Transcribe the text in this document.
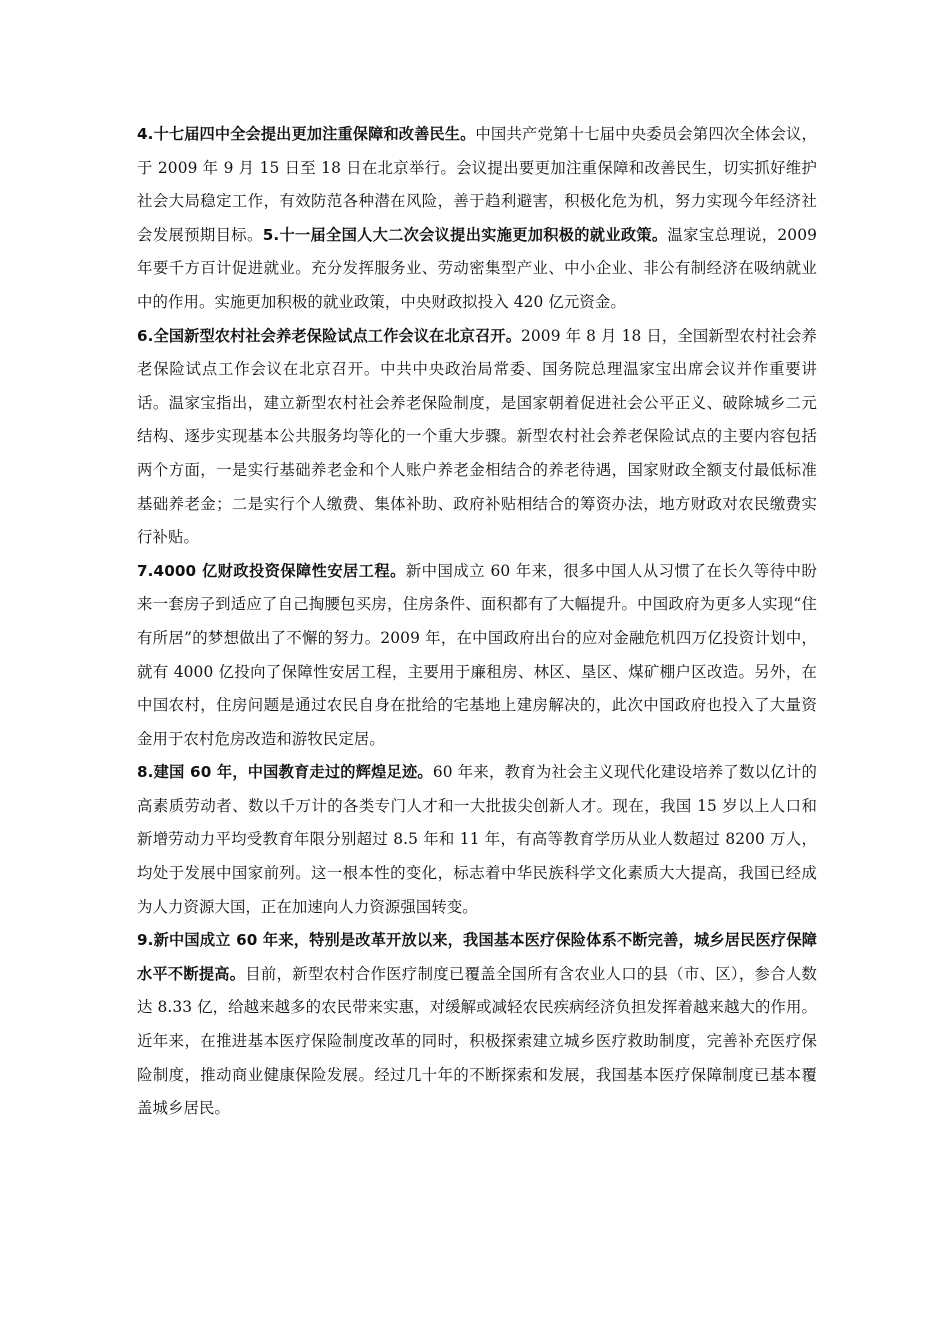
4.十七届四中全会提出更加注重保障和改善民生。中国共产党第十七届中央委员会第四次全体会议，于 2009 年 9 月 15 日至 18 日在北京举行。会议提出要更加注重保障和改善民生，切实抓好维护社会大局稳定工作，有效防范各种潜在风险，善于趋利避害，积极化危为机，努力实现今年经济社会发展预期目标。5.十一届全国人大二次会议提出实施更加积极的就业政策。温家宝总理说，2009 年要千方百计促进就业。充分发挥服务业、劳动密集型产业、中小企业、非公有制经济在吸纳就业中的作用。实施更加积极的就业政策，中央财政拟投入 420 亿元资金。

6.全国新型农村社会养老保险试点工作会议在北京召开。2009 年 8 月 18 日，全国新型农村社会养老保险试点工作会议在北京召开。中共中央政治局常委、国务院总理温家宝出席会议并作重要讲话。温家宝指出，建立新型农村社会养老保险制度，是国家朝着促进社会公平正义、破除城乡二元结构、逐步实现基本公共服务均等化的一个重大步骤。新型农村社会养老保险试点的主要内容包括两个方面，一是实行基础养老金和个人账户养老金相结合的养老待遇，国家财政全额支付最低标准基础养老金；二是实行个人缴费、集体补助、政府补贴相结合的筹资办法，地方财政对农民缴费实行补贴。

7.4000 亿财政投资保障性安居工程。新中国成立 60 年来，很多中国人从习惯了在长久等待中盼来一套房子到适应了自己掏腰包买房，住房条件、面积都有了大幅提升。中国政府为更多人实现“住有所居”的梦想做出了不懈的努力。2009 年，在中国政府出台的应对金融危机四万亿投资计划中，就有 4000 亿投向了保障性安居工程，主要用于廉租房、林区、垦区、煤矿棚户区改造。另外，在中国农村，住房问题是通过农民自身在批给的宅基地上建房解决的，此次中国政府也投入了大量资金用于农村危房改造和游牧民定居。

8.建国 60 年，中国教育走过的辉煌足迹。60 年来，教育为社会主义现代化建设培养了数以亿计的高素质劳动者、数以千万计的各类专门人才和一大批拔尖创新人才。现在，我国 15 岁以上人口和新增劳动力平均受教育年限分别超过 8.5 年和 11 年，有高等教育学历从业人数超过 8200 万人，均处于发展中国家前列。这一根本性的变化，标志着中华民族科学文化素质大大提高，我国已经成为人力资源大国，正在加速向人力资源强国转变。

9.新中国成立 60 年来，特别是改革开放以来，我国基本医疗保险体系不断完善，城乡居民医疗保障水平不断提高。目前，新型农村合作医疗制度已覆盖全国所有含农业人口的县（市、区），参合人数达 8.33 亿，给越来越多的农民带来实惠，对缓解或减轻农民疾病经济负担发挥着越来越大的作用。近年来，在推进基本医疗保险制度改革的同时，积极探索建立城乡医疗救助制度，完善补充医疗保险制度，推动商业健康保险发展。经过几十年的不断探索和发展，我国基本医疗保障制度已基本覆盖城乡居民。
